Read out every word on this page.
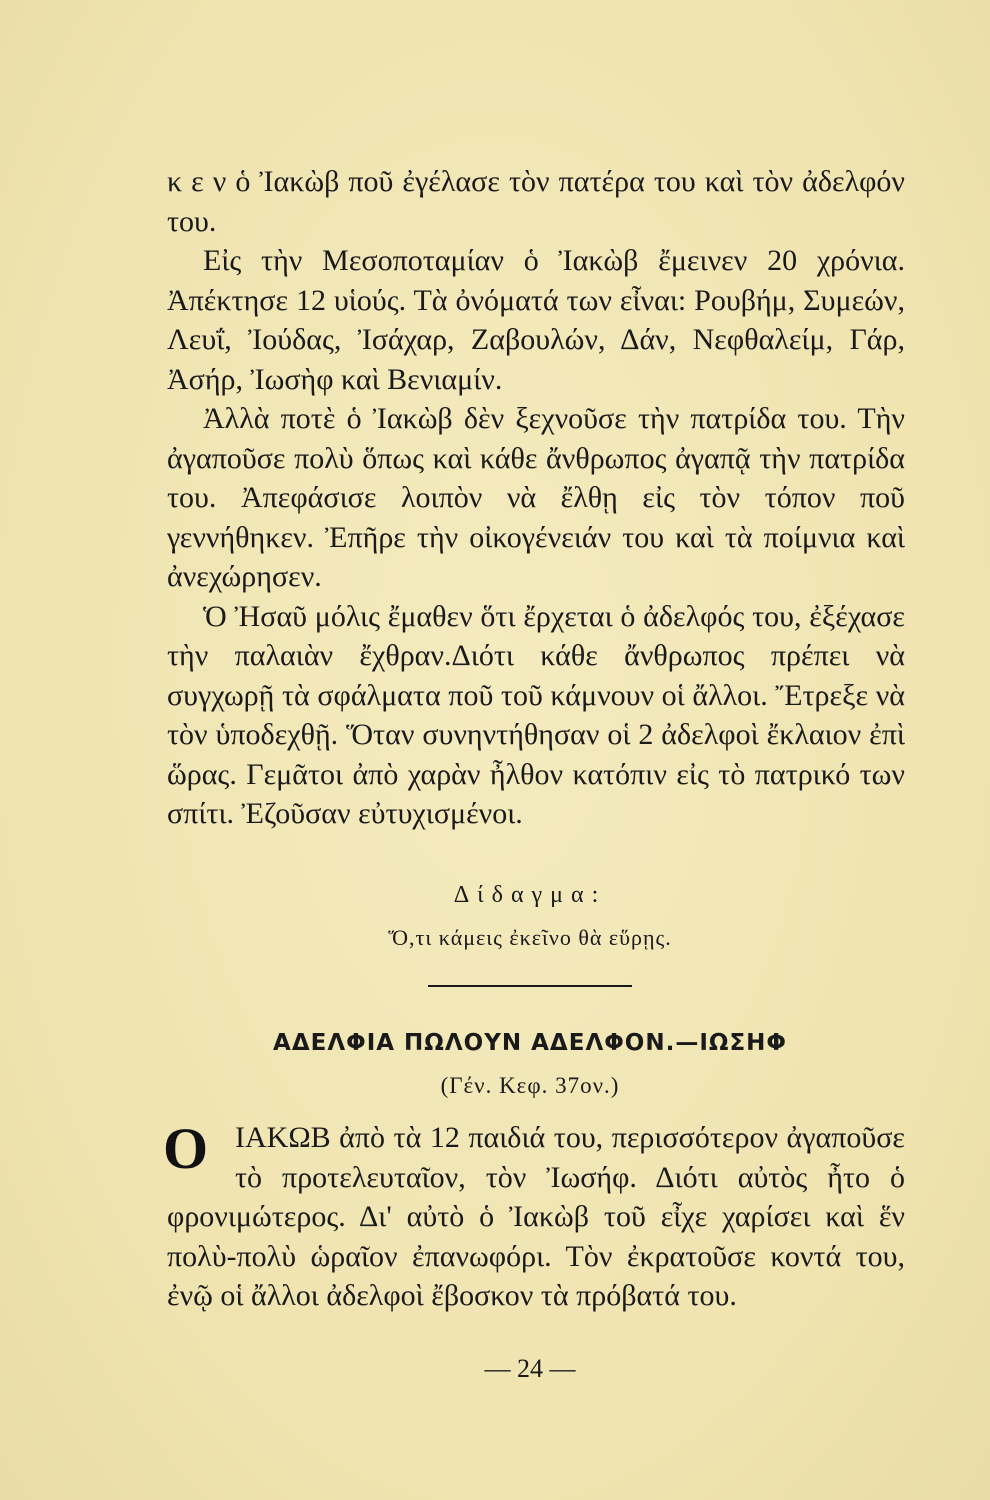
κ ε ν ὁ Ἰακὼβ ποῦ ἐγέλασε τὸν πατέρα του καὶ τὸν ἀδελφόν του.

Εἰς τὴν Μεσοποταμίαν ὁ Ἰακὼβ ἔμεινεν 20 χρόνια. Ἀπέκτησε 12 υἱούς. Τὰ ὀνόματά των εἶναι: Ρουβήμ, Συμεών, Λευΐ, Ἰούδας, Ἰσάχαρ, Ζαβουλών, Δάν, Νεφθαλείμ, Γάρ, Ἀσήρ, Ἰωσὴφ καὶ Βενιαμίν.

Ἀλλὰ ποτὲ ὁ Ἰακὼβ δὲν ξεχνοῦσε τὴν πατρίδα του. Τὴν ἀγαποῦσε πολὺ ὅπως καὶ κάθε ἄνθρωπος ἀγαπᾷ τὴν πατρίδα του. Ἀπεφάσισε λοιπὸν νὰ ἔλθῃ εἰς τὸν τόπον ποῦ γεννήθηκεν. Ἐπῆρε τὴν οἰκογένειάν του καὶ τὰ ποίμνια καὶ ἀνεχώρησεν.

Ὁ Ἠσαῦ μόλις ἔμαθεν ὅτι ἔρχεται ὁ ἀδελφός του, ἐξέχασε τὴν παλαιὰν ἔχθραν.Διότι κάθε ἄνθρωπος πρέπει νὰ συγχωρῇ τὰ σφάλματα ποῦ τοῦ κάμνουν οἱ ἄλλοι. Ἔτρεξε νὰ τὸν ὑποδεχθῇ. Ὅταν συνηντήθησαν οἱ 2 ἀδελφοὶ ἔκλαιον ἐπὶ ὥρας. Γεμᾶτοι ἀπὸ χαρὰν ἦλθον κατόπιν εἰς τὸ πατρικό των σπίτι. Ἐζοῦσαν εὐτυχισμένοι.

Δίδαγμα:
Ὅ,τι κάμεις ἐκεῖνο θὰ εὕρῃς.
ΑΔΕΛΦΙΑ ΠΩΛΟΥΝ ΑΔΕΛΦΟΝ.—ΙΩΣΗΦ
(Γέν. Κεφ. 37ον.)
Ο ΙΑΚΩΒ ἀπὸ τὰ 12 παιδιά του, περισσότερον ἀγαποῦσε τὸ προτελευταῖον, τὸν Ἰωσήφ. Διότι αὐτὸς ἦτο ὁ φρονιμώτερος. Δι' αὐτὸ ὁ Ἰακὼβ τοῦ εἶχε χαρίσει καὶ ἕν πολὺ-πολὺ ὡραῖον ἐπανωφόρι. Τὸν ἐκρατοῦσε κοντά του, ἐνῷ οἱ ἄλλοι ἀδελφοὶ ἔβοσκον τὰ πρόβατά του.
— 24 —
